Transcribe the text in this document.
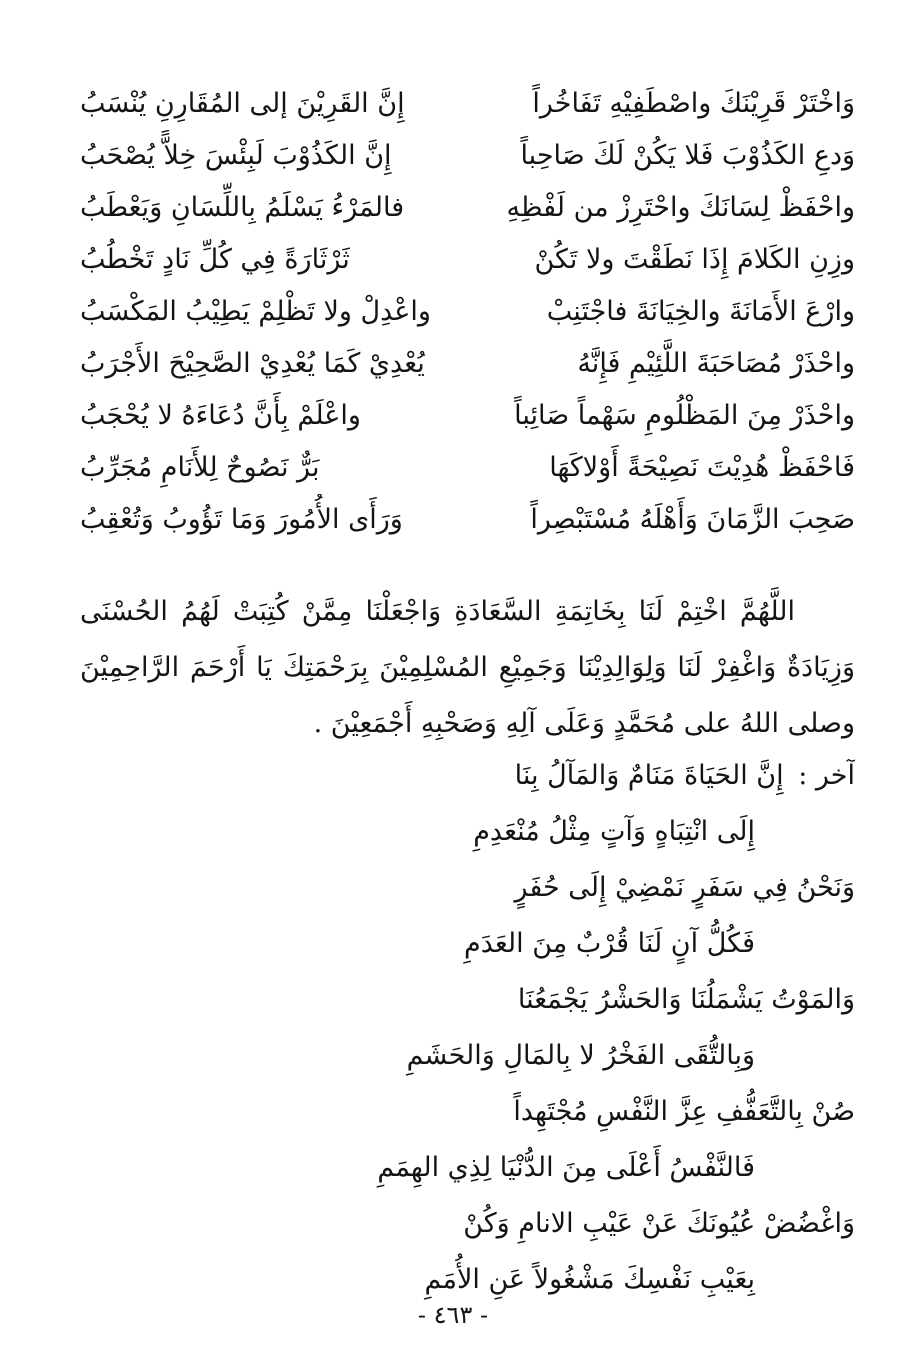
وَاخْتَرْ قَرِيْنَكَ واصْطَفِيْهِ تَفَاخُراً
إِنَّ القَرِيْنَ إلى المُقَارِنِ يُنْسَبُ
وَدعِ الكَذُوْبَ فَلا يَكُنْ لَكَ صَاحِباً
إِنَّ الكَذُوْبَ لَبِئْسَ خِلاًّ يُصْحَبُ
واحْفَظْ لِسَانَكَ واحْتَرِزْ من لَفْظِهِ
فالمَرْءُ يَسْلَمُ بِاللِّسَانِ وَيَعْطَبُ
وزِنِ الكَلامَ إِذَا نَطَقْتَ ولا تَكُنْ
ثَرْثَارَةً فِي كُلِّ نَادٍ تَخْطُبُ
وارْعَ الأَمَانَةَ والخِيَانَةَ فاجْتَنِبْ
واعْدِلْ ولا تَظْلِمْ يَطِيْبُ المَكْسَبُ
واحْذَرْ مُصَاحَبَةَ اللَّئِيْمِ فَإِنَّهُ
يُعْدِيْ كَمَا يُعْدِيْ الصَّحِيْحَ الأَجْرَبُ
واحْذَرْ مِنَ المَظْلُومِ سَهْماً صَائِباً
واعْلَمْ بِأَنَّ دُعَاءَهُ لا يُحْجَبُ
فَاحْفَظْ هُدِيْتَ نَصِيْحَةً أَوْلاكَهَا
بَرٌّ نَصُوحٌ لِلأَنَامِ مُجَرِّبُ
صَحِبَ الزَّمَانَ وَأَهْلَهُ مُسْتَبْصِراً
وَرَأَى الأُمُورَ وَمَا تَؤُوبُ وَتُعْقِبُ

اللَّهُمَّ اخْتِمْ لَنَا بِخَاتِمَةِ السَّعَادَةِ وَاجْعَلْنَا مِمَّنْ كُتِبَتْ لَهُمُ الحُسْنَى وَزِيَادَةٌ وَاغْفِرْ لَنَا وَلِوَالِدِيْنَا وَجَمِيْعِ المُسْلِمِيْنَ بِرَحْمَتِكَ يَا أَرْحَمَ الرَّاحِمِيْنَ وصلى اللهُ على مُحَمَّدٍ وَعَلَى آلِهِ وَصَحْبِهِ أَجْمَعِيْنَ .

آخر : إِنَّ الحَيَاةَ مَنَامٌ وَالمَآلُ بِنَا
إِلَى انْتِبَاهٍ وَآتٍ مِثْلُ مُنْعَدِمِ
وَنَحْنُ فِي سَفَرٍ نَمْضِيْ إِلَى حُفَرٍ
فَكُلُّ آنٍ لَنَا قُرْبٌ مِنَ العَدَمِ
وَالمَوْتُ يَشْمَلُنَا وَالحَشْرُ يَجْمَعُنَا
وَبِالتُّقَى الفَخْرُ لا بِالمَالِ وَالحَشَمِ
صُنْ بِالتَّعَفُّفِ عِزَّ النَّفْسِ مُجْتَهِداً
فَالنَّفْسُ أَعْلَى مِنَ الدُّنْيَا لِذِي الهِمَمِ
وَاغْضُضْ عُيُونَكَ عَنْ عَيْبِ الانامِ وَكُنْ
بِعَيْبِ نَفْسِكَ مَشْغُولاً عَنِ الأُمَمِ
- ٤٦٣ -
